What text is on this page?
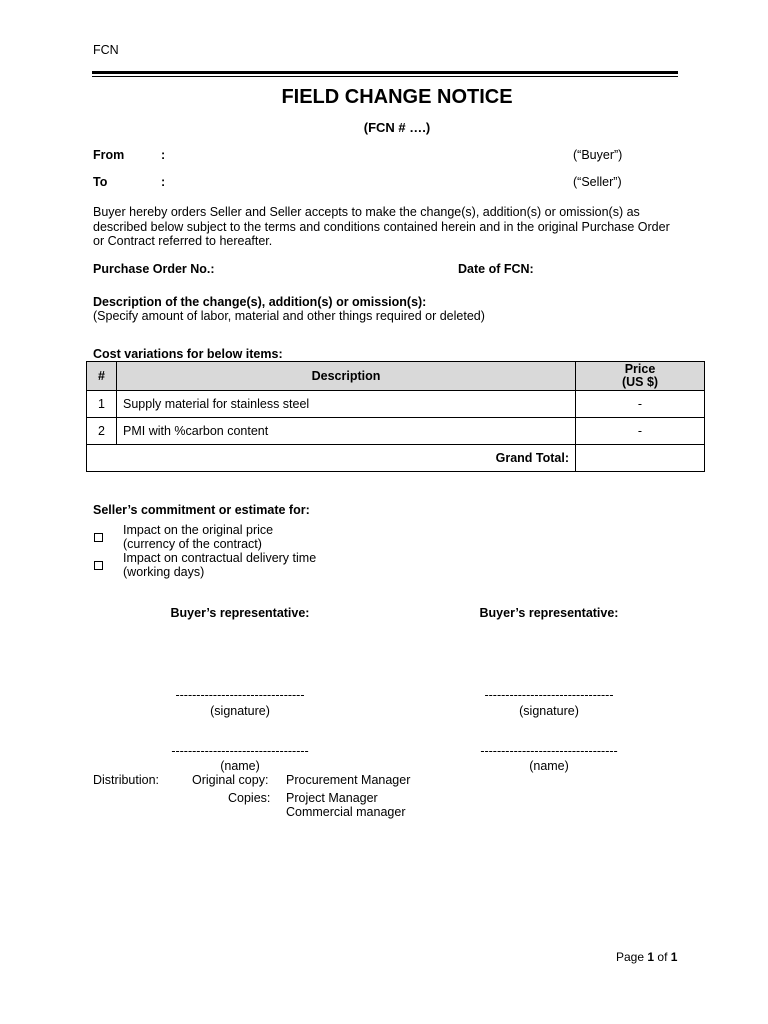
FCN
FIELD CHANGE NOTICE
(FCN # ….)
From	:	(“Buyer”)
To	:	(“Seller”)
Buyer hereby orders Seller and Seller accepts to make the change(s), addition(s) or omission(s) as
described below subject to the terms and conditions contained herein and in the original Purchase Order
or Contract referred to hereafter.
Purchase Order No.:	Date of FCN:
Description of the change(s), addition(s) or omission(s):
(Specify amount of labor, material and other things required or deleted)
Cost variations for below items:
#	Description	Price
(US $)

1	Supply material for stainless steel	-
2	PMI with %carbon content	-
Grand Total:		
Seller’s commitment or estimate for:
Impact on the original price
(currency of the contract)
Impact on contractual delivery time
(working days)
Buyer’s representative:
-------------------------------
(signature)
---------------------------------
(name)
Buyer’s representative:
-------------------------------
(signature)
---------------------------------
(name)
Distribution:	Original copy: Procurement Manager
Copies: Project Manager
Commercial manager
Page 1 of 1
